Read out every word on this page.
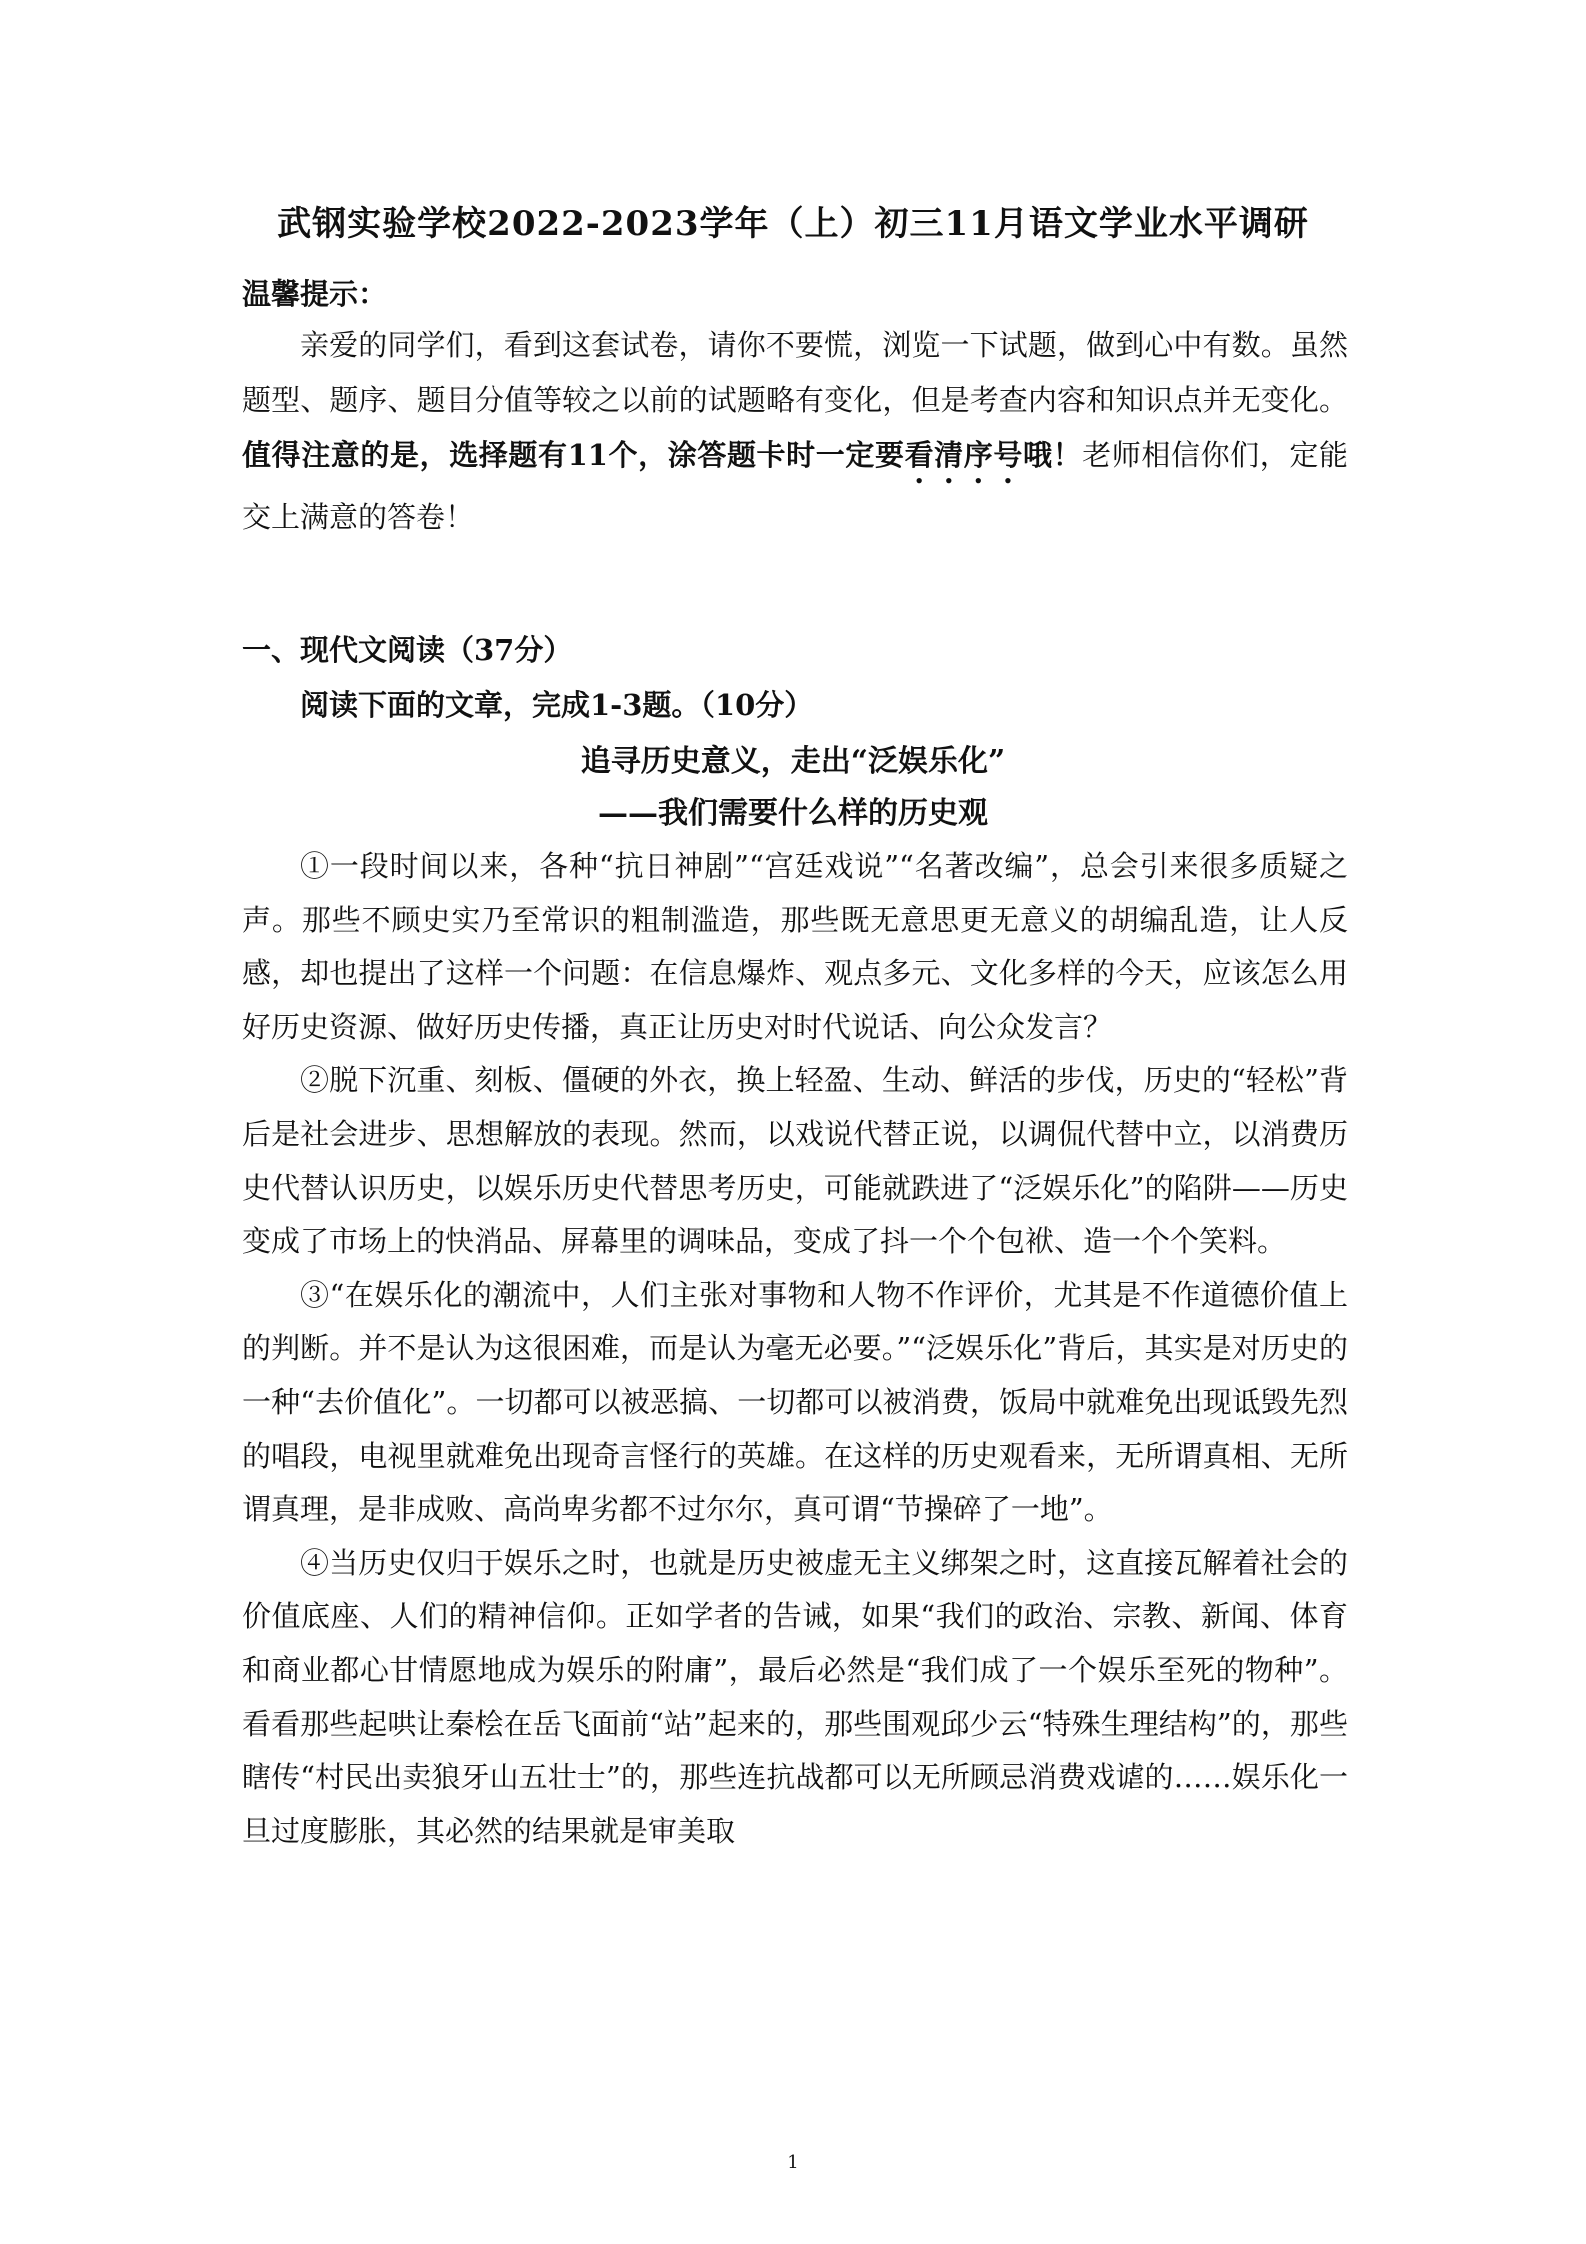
武钢实验学校2022-2023学年（上）初三11月语文学业水平调研
温馨提示：
亲爱的同学们，看到这套试卷，请你不要慌，浏览一下试题，做到心中有数。虽然题型、题序、题目分值等较之以前的试题略有变化，但是考查内容和知识点并无变化。值得注意的是，选择题有11个，涂答题卡时一定要看清序号哦！老师相信你们，定能交上满意的答卷！
一、现代文阅读（37分）
阅读下面的文章，完成1-3题。（10分）
追寻历史意义，走出“泛娱乐化”
——我们需要什么样的历史观

①一段时间以来，各种“抗日神剧”“宫廷戏说”“名著改编”，总会引来很多质疑之声。那些不顾史实乃至常识的粗制滥造，那些既无意思更无意义的胡编乱造，让人反感，却也提出了这样一个问题：在信息爆炸、观点多元、文化多样的今天，应该怎么用好历史资源、做好历史传播，真正让历史对时代说话、向公众发言？

②脱下沉重、刻板、僵硬的外衣，换上轻盈、生动、鲜活的步伐，历史的“轻松”背后是社会进步、思想解放的表现。然而，以戏说代替正说，以调侃代替中立，以消费历史代替认识历史，以娱乐历史代替思考历史，可能就跌进了“泛娱乐化”的陷阱——历史变成了市场上的快消品、屏幕里的调味品，变成了抖一个个包袱、造一个个笑料。

③“在娱乐化的潮流中，人们主张对事物和人物不作评价，尤其是不作道德价值上的判断。并不是认为这很困难，而是认为毫无必要。”“泛娱乐化”背后，其实是对历史的一种“去价值化”。一切都可以被恶搞、一切都可以被消费，饭局中就难免出现诋毁先烈的唱段，电视里就难免出现奇言怪行的英雄。在这样的历史观看来，无所谓真相、无所谓真理，是非成败、高尚卑劣都不过尔尔，真可谓“节操碎了一地”。

④当历史仅归于娱乐之时，也就是历史被虚无主义绑架之时，这直接瓦解着社会的价值底座、人们的精神信仰。正如学者的告诫，如果“我们的政治、宗教、新闻、体育和商业都心甘情愿地成为娱乐的附庸”，最后必然是“我们成了一个娱乐至死的物种”。看看那些起哄让秦桧在岳飞面前“站”起来的，那些围观邱少云“特殊生理结构”的，那些瞎传“村民出卖狼牙山五壮士”的，那些连抗战都可以无所顾忌消费戏谑的……娱乐化一旦过度膨胀，其必然的结果就是审美取

1
